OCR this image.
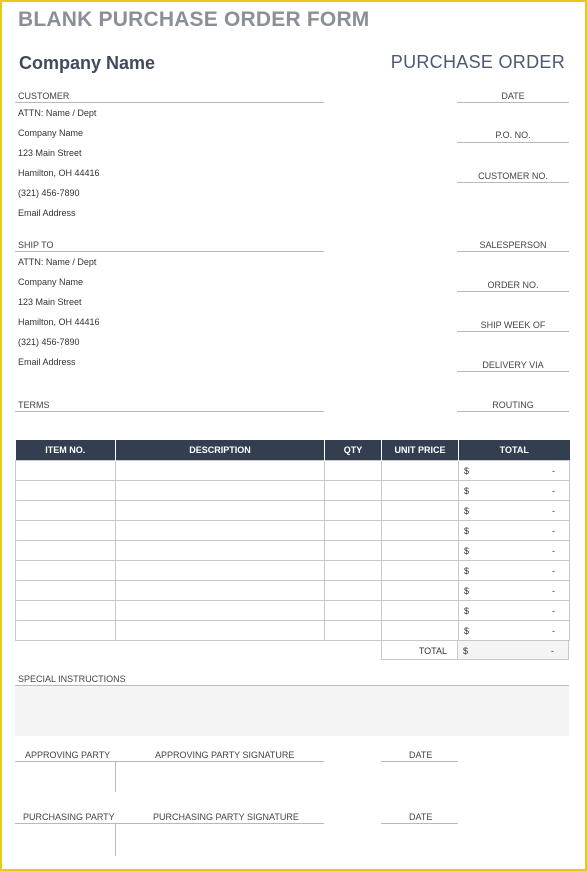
BLANK PURCHASE ORDER FORM
Company Name	PURCHASE ORDER
CUSTOMER
ATTN: Name / Dept
Company Name
123 Main Street
Hamilton, OH 44416
(321) 456-7890
Email Address
SHIP TO
ATTN: Name / Dept
Company Name
123 Main Street
Hamilton, OH 44416
(321) 456-7890
Email Address
TERMS
DATE
P.O. NO.
CUSTOMER NO.
SALESPERSON
ORDER NO.
SHIP WEEK OF
DELIVERY VIA
ROUTING
ITEM NO.	DESCRIPTION	QTY	UNIT PRICE	TOTAL

				$ -

				$ -

				$ -

				$ -

				$ -

				$ -

				$ -

				$ -

				$ -
TOTAL	$	-
SPECIAL INSTRUCTIONS
APPROVING PARTY	APPROVING PARTY SIGNATURE	DATE
PURCHASING PARTY	PURCHASING PARTY SIGNATURE	DATE
